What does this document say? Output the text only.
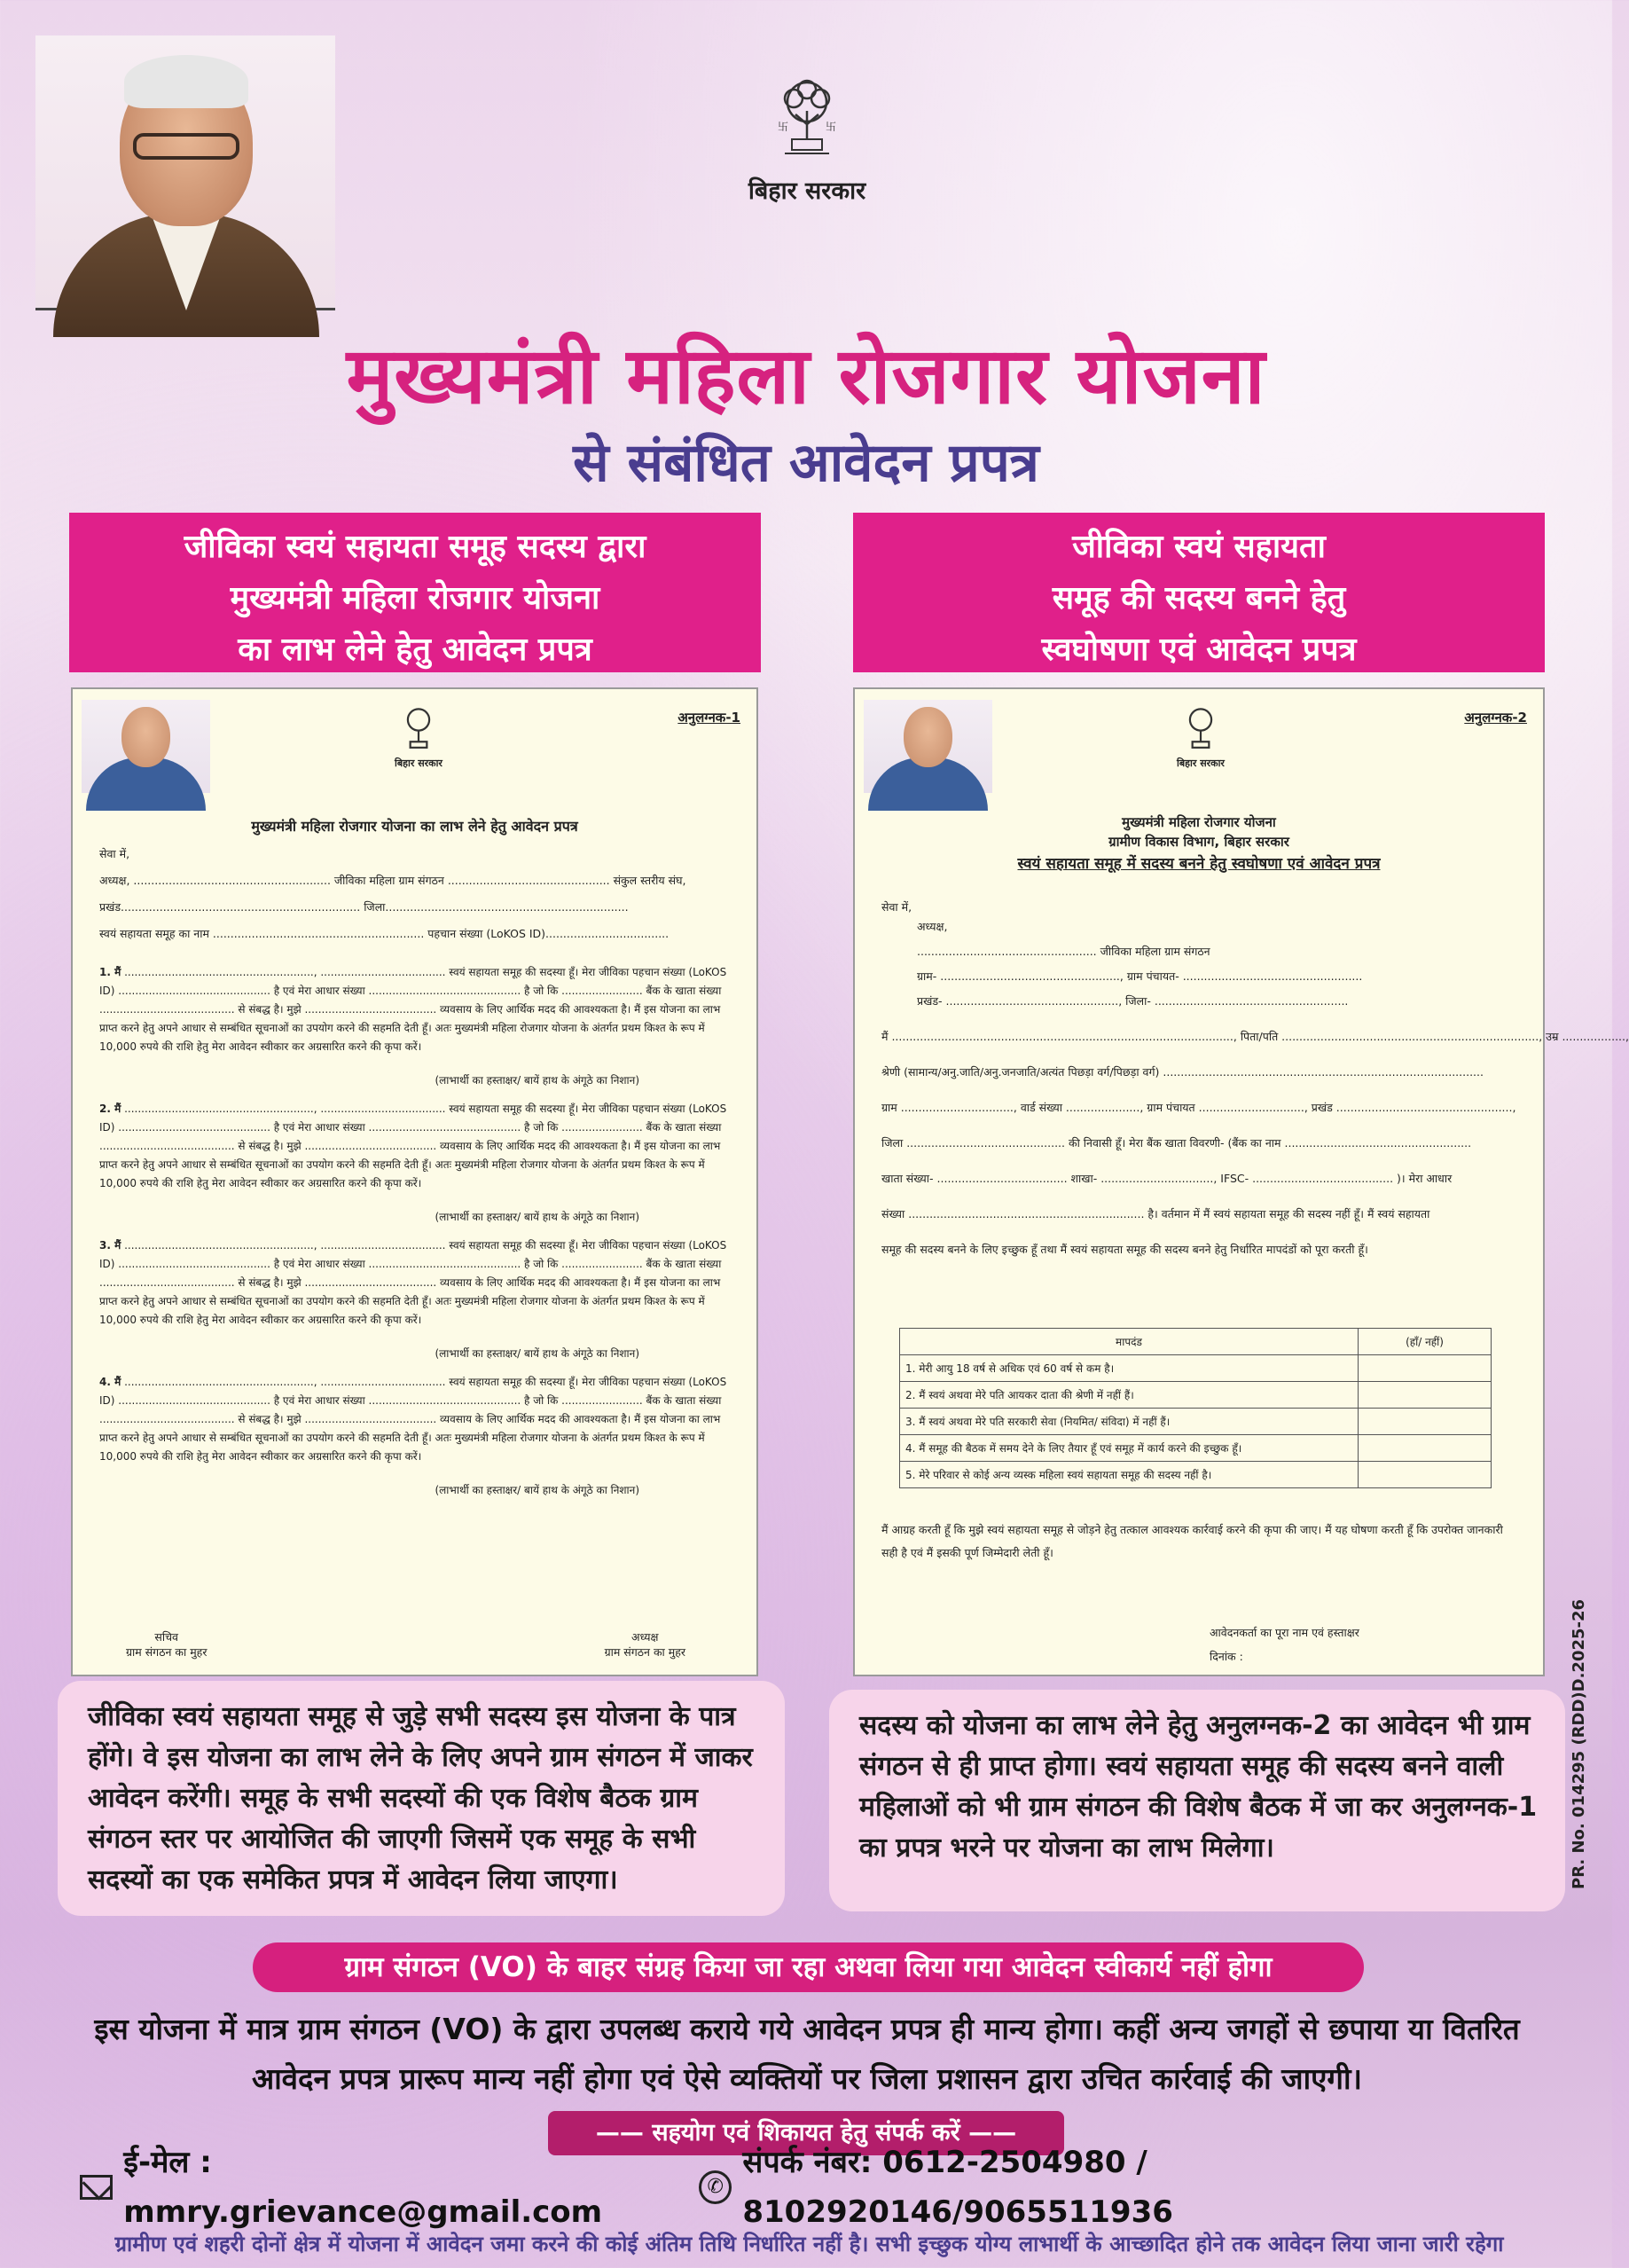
卐	卐
बिहार सरकार
मुख्यमंत्री महिला रोजगार योजना
से संबंधित आवेदन प्रपत्र
जीविका स्वयं सहायता समूह सदस्य द्वारा
मुख्यमंत्री महिला रोजगार योजना
का लाभ लेने हेतु आवेदन प्रपत्र
जीविका स्वयं सहायता
समूह की सदस्य बनने हेतु
स्वघोषणा एवं आवेदन प्रपत्र
बिहार सरकार
अनुलग्नक-1
मुख्यमंत्री महिला रोजगार योजना का लाभ लेने हेतु आवेदन प्रपत्र
सेवा में,
अध्यक्ष, ........................................................ जीविका महिला ग्राम संगठन .............................................. संकुल स्तरीय संघ,
प्रखंड.................................................................... जिला.....................................................................
स्वयं सहायता समूह का नाम ............................................................ पहचान संख्या (LoKOS ID)...................................
1. मैं ........................................................, ..................................... स्वयं सहायता समूह की सदस्या हूँ। मेरा जीविका पहचान संख्या (LoKOS ID) ............................................. है एवं मेरा आधार संख्या ............................................. है जो कि ........................ बैंक के खाता संख्या ........................................ से संबद्ध है। मुझे ....................................... व्यवसाय के लिए आर्थिक मदद की आवश्यकता है। मैं इस योजना का लाभ प्राप्त करने हेतु अपने आधार से सम्बंधित सूचनाओं का उपयोग करने की सहमति देती हूँ। अतः मुख्यमंत्री महिला रोजगार योजना के अंतर्गत प्रथम किश्त के रूप में 10,000 रुपये की राशि हेतु मेरा आवेदन स्वीकार कर अग्रसारित करने की कृपा करें।
(लाभार्थी का हस्ताक्षर/ बायें हाथ के अंगूठे का निशान)
2. मैं ........................................................, ..................................... स्वयं सहायता समूह की सदस्या हूँ। मेरा जीविका पहचान संख्या (LoKOS ID) ............................................. है एवं मेरा आधार संख्या ............................................. है जो कि ........................ बैंक के खाता संख्या ........................................ से संबद्ध है। मुझे ....................................... व्यवसाय के लिए आर्थिक मदद की आवश्यकता है। मैं इस योजना का लाभ प्राप्त करने हेतु अपने आधार से सम्बंधित सूचनाओं का उपयोग करने की सहमति देती हूँ। अतः मुख्यमंत्री महिला रोजगार योजना के अंतर्गत प्रथम किश्त के रूप में 10,000 रुपये की राशि हेतु मेरा आवेदन स्वीकार कर अग्रसारित करने की कृपा करें।
(लाभार्थी का हस्ताक्षर/ बायें हाथ के अंगूठे का निशान)
3. मैं ........................................................, ..................................... स्वयं सहायता समूह की सदस्या हूँ। मेरा जीविका पहचान संख्या (LoKOS ID) ............................................. है एवं मेरा आधार संख्या ............................................. है जो कि ........................ बैंक के खाता संख्या ........................................ से संबद्ध है। मुझे ....................................... व्यवसाय के लिए आर्थिक मदद की आवश्यकता है। मैं इस योजना का लाभ प्राप्त करने हेतु अपने आधार से सम्बंधित सूचनाओं का उपयोग करने की सहमति देती हूँ। अतः मुख्यमंत्री महिला रोजगार योजना के अंतर्गत प्रथम किश्त के रूप में 10,000 रुपये की राशि हेतु मेरा आवेदन स्वीकार कर अग्रसारित करने की कृपा करें।
(लाभार्थी का हस्ताक्षर/ बायें हाथ के अंगूठे का निशान)
4. मैं ........................................................, ..................................... स्वयं सहायता समूह की सदस्या हूँ। मेरा जीविका पहचान संख्या (LoKOS ID) ............................................. है एवं मेरा आधार संख्या ............................................. है जो कि ........................ बैंक के खाता संख्या ........................................ से संबद्ध है। मुझे ....................................... व्यवसाय के लिए आर्थिक मदद की आवश्यकता है। मैं इस योजना का लाभ प्राप्त करने हेतु अपने आधार से सम्बंधित सूचनाओं का उपयोग करने की सहमति देती हूँ। अतः मुख्यमंत्री महिला रोजगार योजना के अंतर्गत प्रथम किश्त के रूप में 10,000 रुपये की राशि हेतु मेरा आवेदन स्वीकार कर अग्रसारित करने की कृपा करें।
(लाभार्थी का हस्ताक्षर/ बायें हाथ के अंगूठे का निशान)
सचिव
ग्राम संगठन का मुहर
अध्यक्ष
ग्राम संगठन का मुहर
बिहार सरकार
अनुलग्नक-2
मुख्यमंत्री महिला रोजगार योजना
ग्रामीण विकास विभाग, बिहार सरकार
स्वयं सहायता समूह में सदस्य बनने हेतु स्वघोषणा एवं आवेदन प्रपत्र
सेवा में,
अध्यक्ष,
................................................... जीविका महिला ग्राम संगठन
ग्राम- ..................................................., ग्राम पंचायत- ...................................................
प्रखंड- ................................................., जिला- .......................................................
मैं ................................................................................................., पिता/पति ........................................................................., उम्र ..................,
श्रेणी (सामान्य/अनु.जाति/अनु.जनजाति/अत्यंत पिछड़ा वर्ग/पिछड़ा वर्ग) ...........................................................................................
ग्राम ................................, वार्ड संख्या ....................., ग्राम पंचायत .............................., प्रखंड ..................................................,
जिला ............................................. की निवासी हूँ। मेरा बैंक खाता विवरणी- (बैंक का नाम .....................................................
खाता संख्या- ..................................... शाखा- ................................, IFSC- ........................................ )। मेरा आधार
संख्या ................................................................... है। वर्तमान में मैं स्वयं सहायता समूह की सदस्य नहीं हूँ। मैं स्वयं सहायता
समूह की सदस्य बनने के लिए इच्छुक हूँ तथा मैं स्वयं सहायता समूह की सदस्य बनने हेतु निर्धारित मापदंडों को पूरा करती हूँ।
मापदंड	(हाँ/ नहीं)
1. मेरी आयु 18 वर्ष से अधिक एवं 60 वर्ष से कम है।	
2. मैं स्वयं अथवा मेरे पति आयकर दाता की श्रेणी में नहीं हैं।	
3. मैं स्वयं अथवा मेरे पति सरकारी सेवा (नियमित/ संविदा) में नहीं हैं।	
4. मैं समूह की बैठक में समय देने के लिए तैयार हूँ एवं समूह में कार्य करने की इच्छुक हूँ।	
5. मेरे परिवार से कोई अन्य व्यस्क महिला स्वयं सहायता समूह की सदस्य नहीं है।	
मैं आग्रह करती हूँ कि मुझे स्वयं सहायता समूह से जोड़ने हेतु तत्काल आवश्यक कार्रवाई करने की कृपा की जाए। मैं यह घोषणा करती हूँ कि उपरोक्त जानकारी सही है एवं मैं इसकी पूर्ण जिम्मेदारी लेती हूँ।
आवेदनकर्ता का पूरा नाम एवं हस्ताक्षर
दिनांक :
जीविका स्वयं सहायता समूह से जुड़े सभी सदस्य इस योजना के पात्र होंगे। वे इस योजना का लाभ लेने के लिए अपने ग्राम संगठन में जाकर आवेदन करेंगी। समूह के सभी सदस्यों की एक विशेष बैठक ग्राम संगठन स्तर पर आयोजित की जाएगी जिसमें एक समूह के सभी सदस्यों का एक समेकित प्रपत्र में आवेदन लिया जाएगा।
सदस्य को योजना का लाभ लेने हेतु अनुलग्नक-2 का आवेदन भी ग्राम संगठन से ही प्राप्त होगा। स्वयं सहायता समूह की सदस्य बनने वाली महिलाओं को भी ग्राम संगठन की विशेष बैठक में जा कर अनुलग्नक-1 का प्रपत्र भरने पर योजना का लाभ मिलेगा।
ग्राम संगठन (VO) के बाहर संग्रह किया जा रहा अथवा लिया गया आवेदन स्वीकार्य नहीं होगा
इस योजना में मात्र ग्राम संगठन (VO) के द्वारा उपलब्ध कराये गये आवेदन प्रपत्र ही मान्य होगा। कहीं अन्य जगहों से छपाया या वितरित आवेदन प्रपत्र प्रारूप मान्य नहीं होगा एवं ऐसे व्यक्तियों पर जिला प्रशासन द्वारा उचित कार्रवाई की जाएगी।
—— सहयोग एवं शिकायत हेतु संपर्क करें ——
ई-मेल : mmry.grievance@gmail.com
✆
संपर्क नंबर: 0612-2504980 / 8102920146/9065511936
ग्रामीण एवं शहरी दोनों क्षेत्र में योजना में आवेदन जमा करने की कोई अंतिम तिथि निर्धारित नहीं है। सभी इच्छुक योग्य लाभार्थी के आच्छादित होने तक आवेदन लिया जाना जारी रहेगा
PR. No. 014295 (RDD)D.2025-26
